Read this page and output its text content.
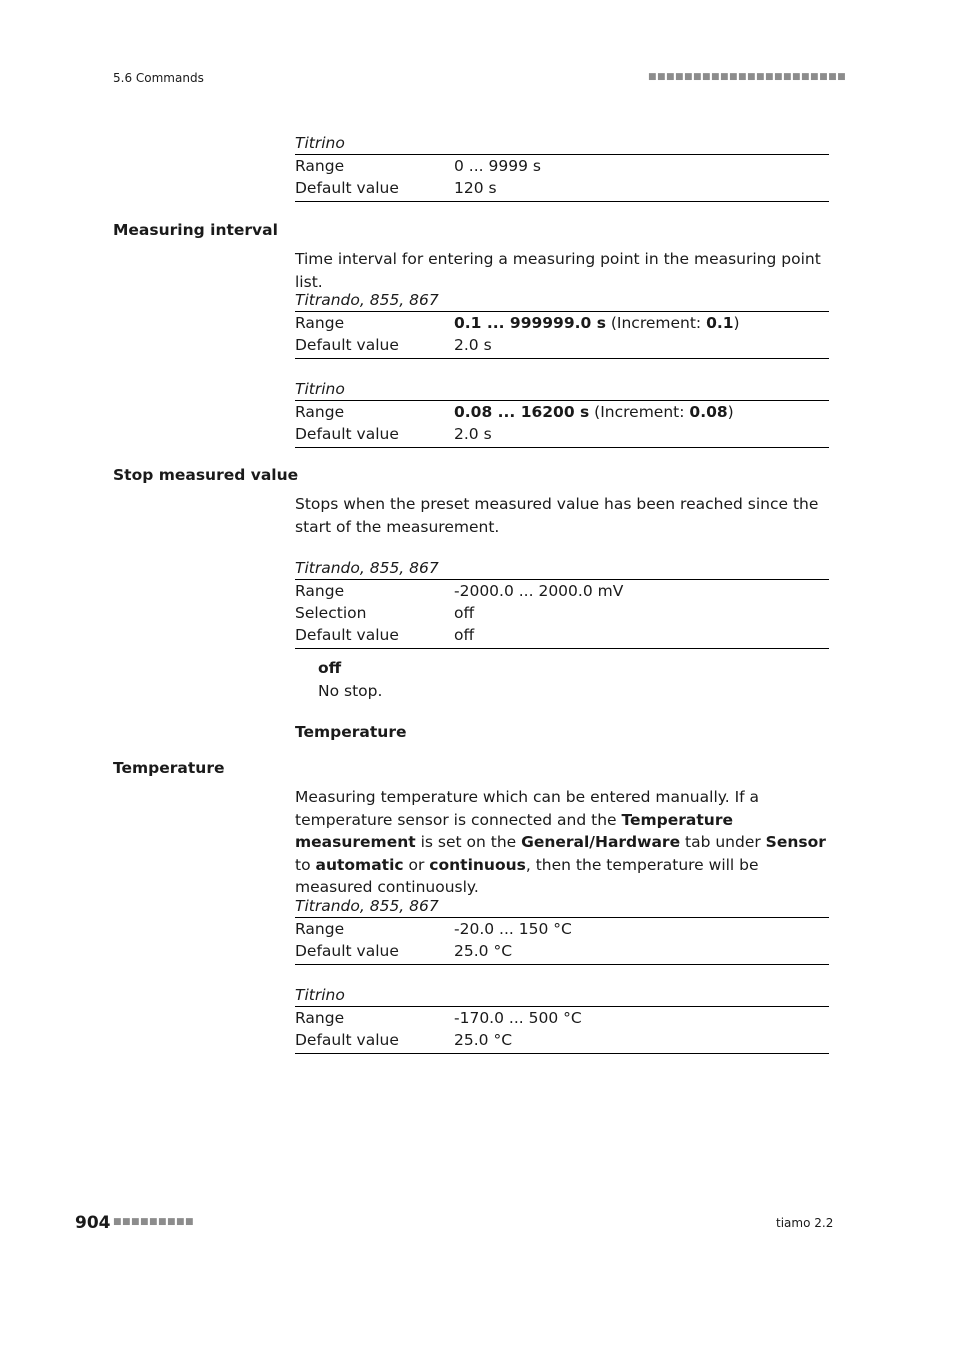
5.6 Commands	■■■■■■■■■■■■■■■■■■■■■■
Titrino
Range	0 ... 9999 s
Default value	120 s
Measuring interval
Time interval for entering a measuring point in the measuring point list.
Titrando, 855, 867
Range	0.1 ... 999999.0 s (Increment: 0.1)
Default value	2.0 s
Titrino
Range	0.08 ... 16200 s (Increment: 0.08)
Default value	2.0 s
Stop measured value
Stops when the preset measured value has been reached since the start of the measurement.
Titrando, 855, 867
Range	-2000.0 ... 2000.0 mV
Selection	off
Default value	off
off
No stop.
Temperature
Temperature
Measuring temperature which can be entered manually. If a temperature sensor is connected and the Temperature measurement is set on the General/Hardware tab under Sensor to automatic or continuous, then the temperature will be measured continuously.
Titrando, 855, 867
Range	-20.0 ... 150 °C
Default value	25.0 °C
Titrino
Range	-170.0 ... 500 °C
Default value	25.0 °C
904 ■■■■■■■■■	tiamo 2.2
